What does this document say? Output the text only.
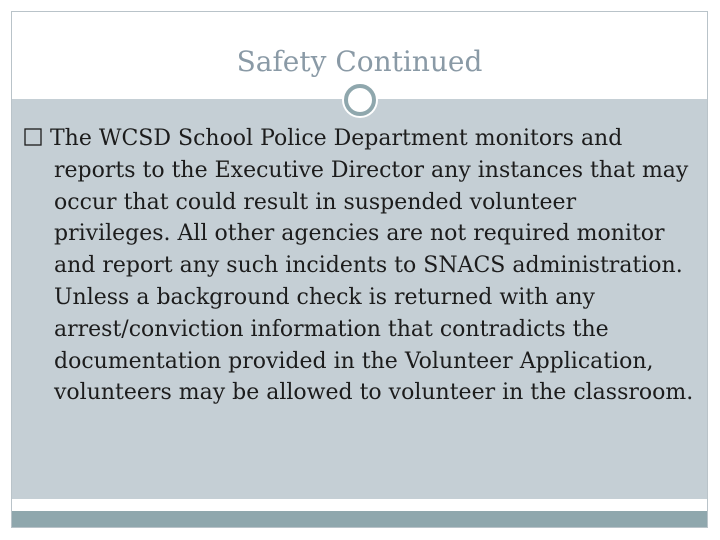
Safety Continued
The WCSD School Police Department monitors and reports to the Executive Director any instances that may occur that could result in suspended volunteer privileges. All other agencies are not required monitor and report any such incidents to SNACS administration. Unless a background check is returned with any arrest/conviction information that contradicts the documentation provided in the Volunteer Application, volunteers may be allowed to volunteer in the classroom.
